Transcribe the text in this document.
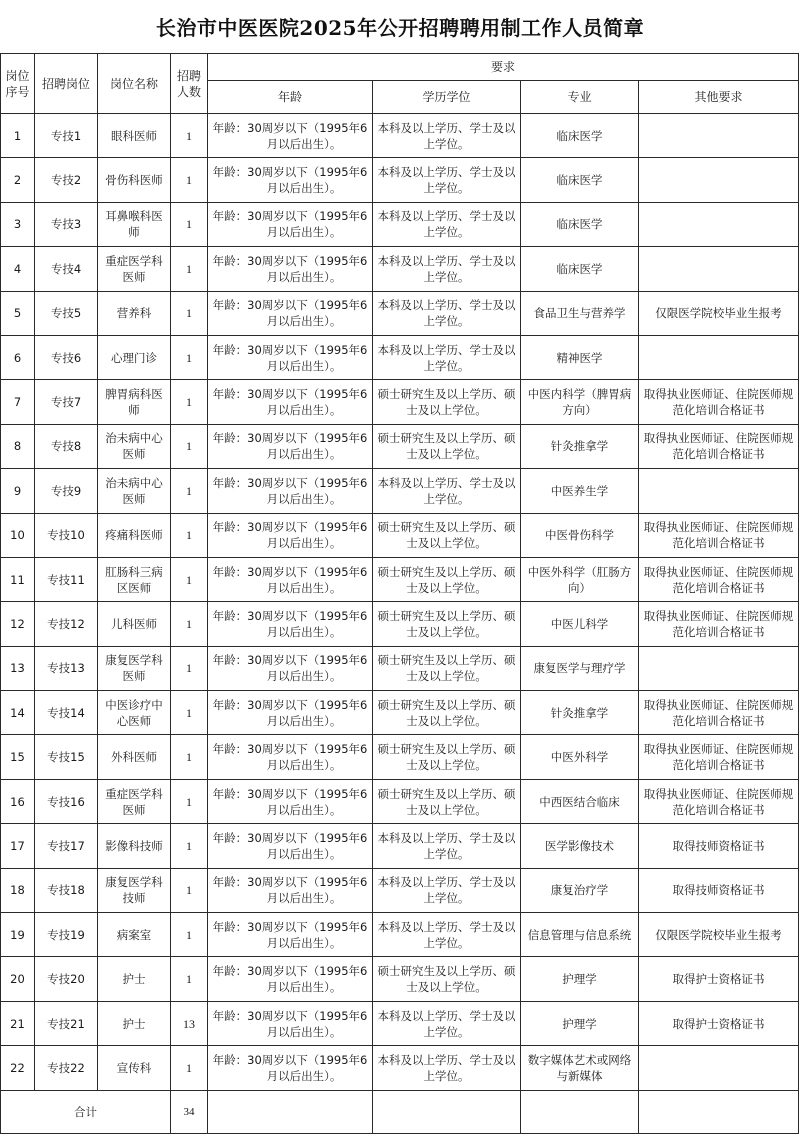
长治市中医医院2025年公开招聘聘用制工作人员简章
岗位序号	招聘岗位	岗位名称	招聘人数	要求			
				年龄	学历学位	专业	其他要求
1	专技1	眼科医师	1	年龄：30周岁以下（1995年6
月以后出生）。	本科及以上学历、学士及以上学位。	临床医学	
2	专技2	骨伤科医师	1	年龄：30周岁以下（1995年6
月以后出生）。	本科及以上学历、学士及以上学位。	临床医学	
3	专技3	耳鼻喉科医师	1	年龄：30周岁以下（1995年6
月以后出生）。	本科及以上学历、学士及以上学位。	临床医学	
4	专技4	重症医学科医师	1	年龄：30周岁以下（1995年6
月以后出生）。	本科及以上学历、学士及以上学位。	临床医学	
5	专技5	营养科	1	年龄：30周岁以下（1995年6
月以后出生）。	本科及以上学历、学士及以上学位。	食品卫生与营养学	仅限医学院校毕业生报考
6	专技6	心理门诊	1	年龄：30周岁以下（1995年6
月以后出生）。	本科及以上学历、学士及以上学位。	精神医学	
7	专技7	脾胃病科医师	1	年龄：30周岁以下（1995年6
月以后出生）。	硕士研究生及以上学历、硕士及以上学位。	中医内科学（脾胃病方向）	取得执业医师证、住院医师规范化培训合格证书
8	专技8	治未病中心医师	1	年龄：30周岁以下（1995年6
月以后出生）。	硕士研究生及以上学历、硕士及以上学位。	针灸推拿学	取得执业医师证、住院医师规范化培训合格证书
9	专技9	治未病中心医师	1	年龄：30周岁以下（1995年6
月以后出生）。	本科及以上学历、学士及以上学位。	中医养生学	
10	专技10	疼痛科医师	1	年龄：30周岁以下（1995年6
月以后出生）。	硕士研究生及以上学历、硕士及以上学位。	中医骨伤科学	取得执业医师证、住院医师规范化培训合格证书
11	专技11	肛肠科三病区医师	1	年龄：30周岁以下（1995年6
月以后出生）。	硕士研究生及以上学历、硕士及以上学位。	中医外科学（肛肠方向）	取得执业医师证、住院医师规范化培训合格证书
12	专技12	儿科医师	1	年龄：30周岁以下（1995年6
月以后出生）。	硕士研究生及以上学历、硕士及以上学位。	中医儿科学	取得执业医师证、住院医师规范化培训合格证书
13	专技13	康复医学科医师	1	年龄：30周岁以下（1995年6
月以后出生）。	硕士研究生及以上学历、硕士及以上学位。	康复医学与理疗学	
14	专技14	中医诊疗中心医师	1	年龄：30周岁以下（1995年6
月以后出生）。	硕士研究生及以上学历、硕士及以上学位。	针灸推拿学	取得执业医师证、住院医师规范化培训合格证书
15	专技15	外科医师	1	年龄：30周岁以下（1995年6
月以后出生）。	硕士研究生及以上学历、硕士及以上学位。	中医外科学	取得执业医师证、住院医师规范化培训合格证书
16	专技16	重症医学科医师	1	年龄：30周岁以下（1995年6
月以后出生）。	硕士研究生及以上学历、硕士及以上学位。	中西医结合临床	取得执业医师证、住院医师规范化培训合格证书
17	专技17	影像科技师	1	年龄：30周岁以下（1995年6
月以后出生）。	本科及以上学历、学士及以上学位。	医学影像技术	取得技师资格证书
18	专技18	康复医学科技师	1	年龄：30周岁以下（1995年6
月以后出生）。	本科及以上学历、学士及以上学位。	康复治疗学	取得技师资格证书
19	专技19	病案室	1	年龄：30周岁以下（1995年6
月以后出生）。	本科及以上学历、学士及以上学位。	信息管理与信息系统	仅限医学院校毕业生报考
20	专技20	护士	1	年龄：30周岁以下（1995年6
月以后出生）。	硕士研究生及以上学历、硕士及以上学位。	护理学	取得护士资格证书
21	专技21	护士	13	年龄：30周岁以下（1995年6
月以后出生）。	本科及以上学历、学士及以上学位。	护理学	取得护士资格证书
22	专技22	宣传科	1	年龄：30周岁以下（1995年6
月以后出生）。	本科及以上学历、学士及以上学位。	数字媒体艺术或网络与新媒体	
合计			34				
